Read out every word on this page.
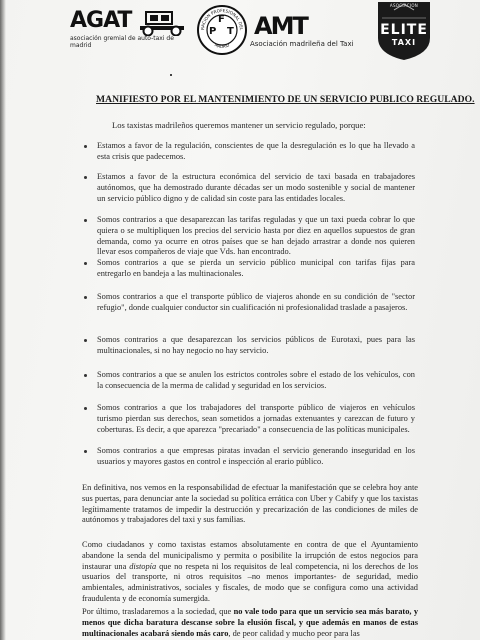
AGAT
asociación gremial de auto-taxi de madrid
RACION PROFESIONAL DEL
MADRID
F
P T AMT
Asociación madrileña del Taxi
ASOCIACION
ELITE
TAXI
MANIFIESTO POR EL MANTENIMIENTO DE UN SERVICIO PUBLICO REGULADO.
Los taxistas madrileños queremos mantener un servicio regulado, porque:
Estamos a favor de la regulación, conscientes de que la desregulación es lo que ha llevado a esta crisis que padecemos.
Estamos a favor de la estructura económica del servicio de taxi basada en trabajadores autónomos, que ha demostrado durante décadas ser un modo sostenible y social de mantener un servicio público digno y de calidad sin coste para las entidades locales.
Somos contrarios a que desaparezcan las tarifas reguladas y que un taxi pueda cobrar lo que quiera o se multipliquen los precios del servicio hasta por diez en aquellos supuestos de gran demanda, como ya ocurre en otros países que se han dejado arrastrar a donde nos quieren llevar esos compañeros de viaje que Vds. han encontrado.
Somos contrarios a que se pierda un servicio público municipal con tarifas fijas para entregarlo en bandeja a las multinacionales.
Somos contrarios a que el transporte público de viajeros ahonde en su condición de "sector refugio", donde cualquier conductor sin cualificación ni profesionalidad traslade a pasajeros.
Somos contrarios a que desaparezcan los servicios públicos de Eurotaxi, pues para las multinacionales, si no hay negocio no hay servicio.
Somos contrarios a que se anulen los estrictos controles sobre el estado de los vehículos, con la consecuencia de la merma de calidad y seguridad en los servicios.
Somos contrarios a que los trabajadores del transporte público de viajeros en vehículos turismo pierdan sus derechos, sean sometidos a jornadas extenuantes y carezcan de futuro y coberturas. Es decir, a que aparezca "precariado" a consecuencia de las políticas municipales.
Somos contrarios a que empresas piratas invadan el servicio generando inseguridad en los usuarios y mayores gastos en control e inspección al erario público.
En definitiva, nos vemos en la responsabilidad de efectuar la manifestación que se celebra hoy ante sus puertas, para denunciar ante la sociedad su política errática con Uber y Cabify y que los taxistas legítimamente tratamos de impedir la destrucción y precarización de las condiciones de miles de autónomos y trabajadores del taxi y sus familias.
Como ciudadanos y como taxistas estamos absolutamente en contra de que el Ayuntamiento abandone la senda del municipalismo y permita o posibilite la irrupción de estos negocios para instaurar una distopía que no respeta ni los requisitos de leal competencia, ni los derechos de los usuarios del transporte, ni otros requisitos –no menos importantes- de seguridad, medio ambientales, administrativos, sociales y fiscales, de modo que se configura como una actividad fraudulenta y de economía sumergida.
Por último, trasladaremos a la sociedad, que no vale todo para que un servicio sea más barato, y menos que dicha baratura descanse sobre la elusión fiscal, y que además en manos de estas multinacionales acabará siendo más caro, de peor calidad y mucho peor para las
